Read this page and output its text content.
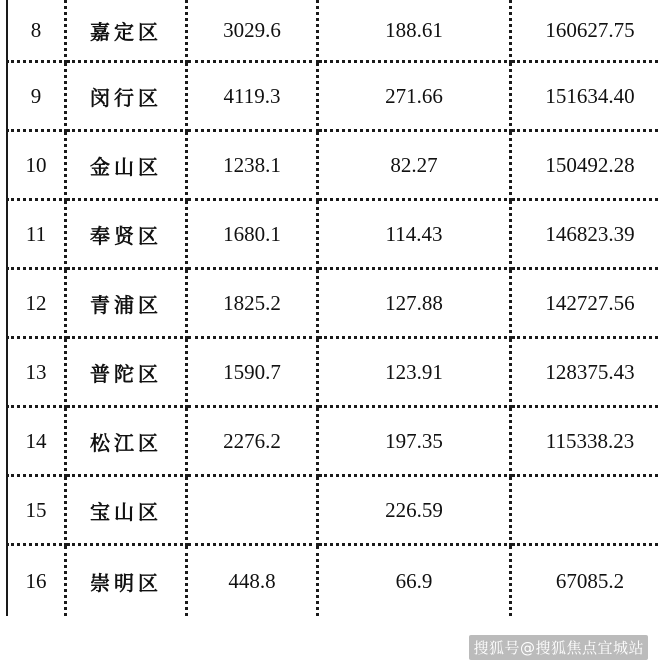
8	嘉定区	3029.6	188.61	160627.75
9	闵行区	4119.3	271.66	151634.40
10	金山区	1238.1	82.27	150492.28
11	奉贤区	1680.1	114.43	146823.39
12	青浦区	1825.2	127.88	142727.56
13	普陀区	1590.7	123.91	128375.43
14	松江区	2276.2	197.35	115338.23
15	宝山区		226.59	
16	崇明区	448.8	66.9	67085.2
搜狐号@搜狐焦点宜城站
